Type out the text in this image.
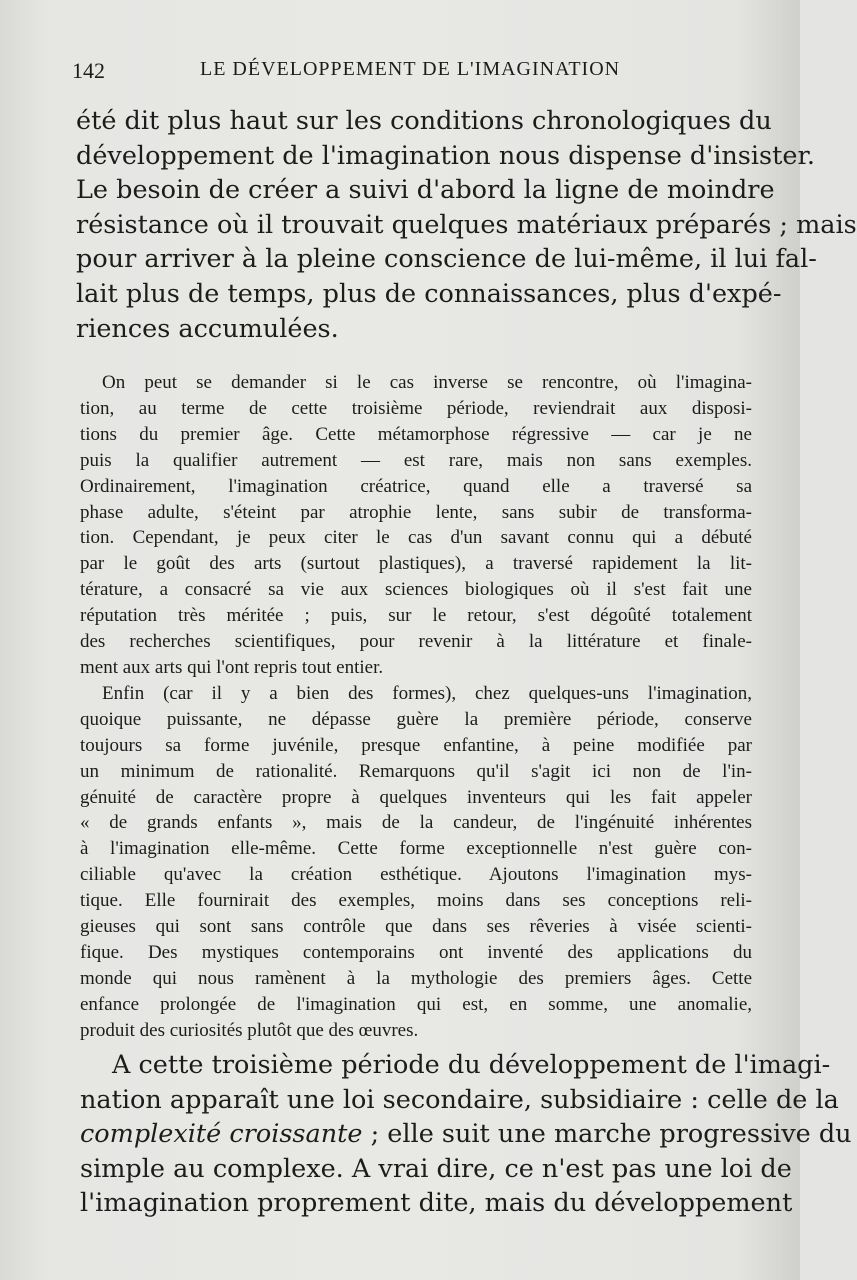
142	LE DÉVELOPPEMENT DE L'IMAGINATION
été dit plus haut sur les conditions chronologiques du
développement de l'imagination nous dispense d'insister.
Le besoin de créer a suivi d'abord la ligne de moindre
résistance où il trouvait quelques matériaux préparés ; mais
pour arriver à la pleine conscience de lui-même, il lui fal-
lait plus de temps, plus de connaissances, plus d'expé-
riences accumulées.
On peut se demander si le cas inverse se rencontre, où l'imagina-
tion, au terme de cette troisième période, reviendrait aux disposi-
tions du premier âge. Cette métamorphose régressive — car je ne
puis la qualifier autrement — est rare, mais non sans exemples.
Ordinairement, l'imagination créatrice, quand elle a traversé sa
phase adulte, s'éteint par atrophie lente, sans subir de transforma-
tion. Cependant, je peux citer le cas d'un savant connu qui a débuté
par le goût des arts (surtout plastiques), a traversé rapidement la lit-
térature, a consacré sa vie aux sciences biologiques où il s'est fait une
réputation très méritée ; puis, sur le retour, s'est dégoûté totalement
des recherches scientifiques, pour revenir à la littérature et finale-
ment aux arts qui l'ont repris tout entier.
Enfin (car il y a bien des formes), chez quelques-uns l'imagination,
quoique puissante, ne dépasse guère la première période, conserve
toujours sa forme juvénile, presque enfantine, à peine modifiée par
un minimum de rationalité. Remarquons qu'il s'agit ici non de l'in-
génuité de caractère propre à quelques inventeurs qui les fait appeler
« de grands enfants », mais de la candeur, de l'ingénuité inhérentes
à l'imagination elle-même. Cette forme exceptionnelle n'est guère con-
ciliable qu'avec la création esthétique. Ajoutons l'imagination mys-
tique. Elle fournirait des exemples, moins dans ses conceptions reli-
gieuses qui sont sans contrôle que dans ses rêveries à visée scienti-
fique. Des mystiques contemporains ont inventé des applications du
monde qui nous ramènent à la mythologie des premiers âges. Cette
enfance prolongée de l'imagination qui est, en somme, une anomalie,
produit des curiosités plutôt que des œuvres.
A cette troisième période du développement de l'imagi-
nation apparaît une loi secondaire, subsidiaire : celle de la
complexité croissante ; elle suit une marche progressive du
simple au complexe. A vrai dire, ce n'est pas une loi de
l'imagination proprement dite, mais du développement
